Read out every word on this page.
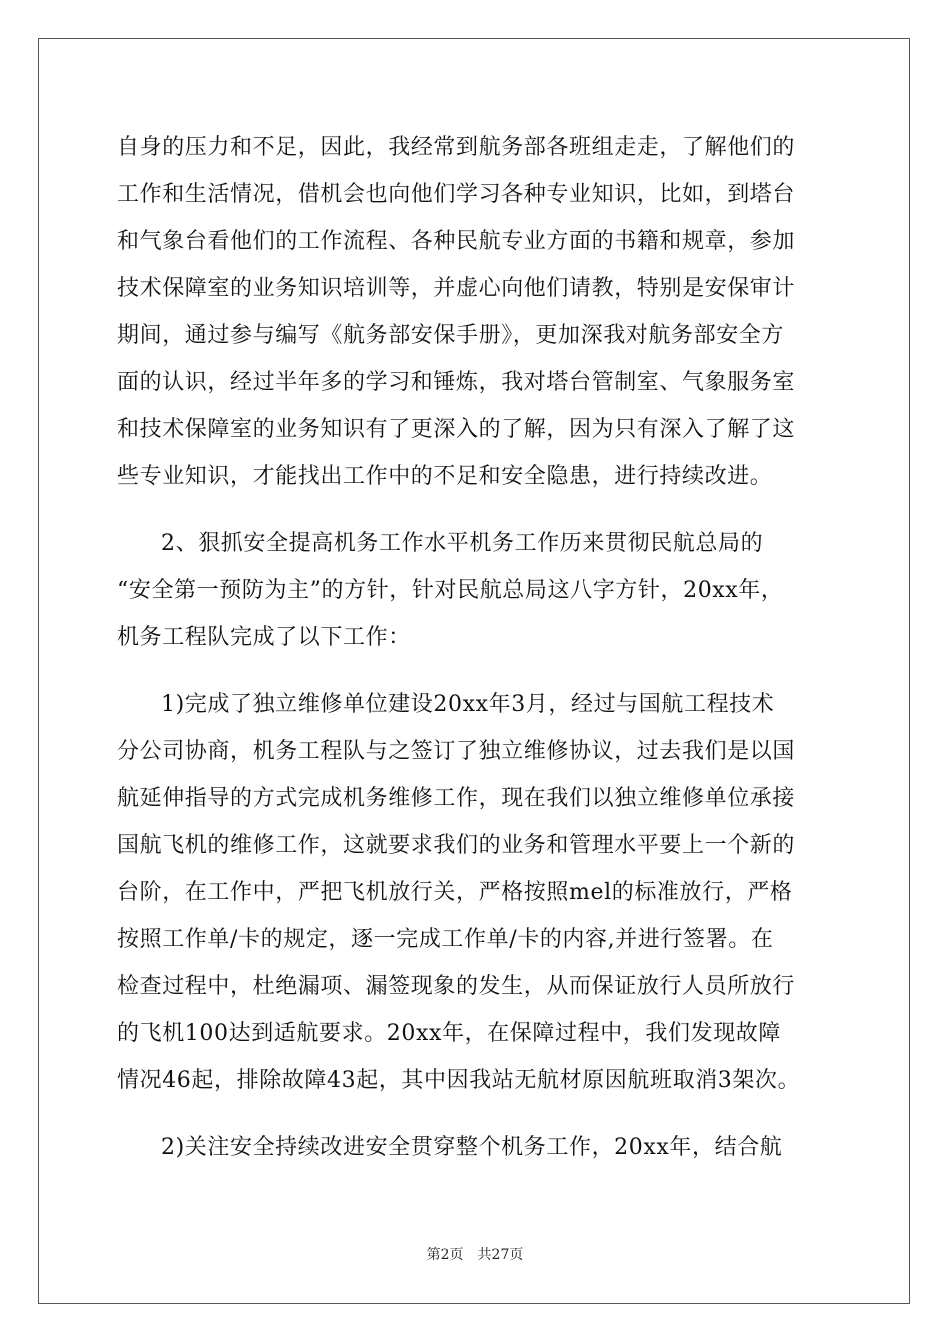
自身的压力和不足，因此，我经常到航务部各班组走走，了解他们的
工作和生活情况，借机会也向他们学习各种专业知识，比如，到塔台
和气象台看他们的工作流程、各种民航专业方面的书籍和规章，参加
技术保障室的业务知识培训等，并虚心向他们请教，特别是安保审计
期间，通过参与编写《航务部安保手册》，更加深我对航务部安全方
面的认识，经过半年多的学习和锤炼，我对塔台管制室、气象服务室
和技术保障室的业务知识有了更深入的了解，因为只有深入了解了这
些专业知识，才能找出工作中的不足和安全隐患，进行持续改进。
2、狠抓安全提高机务工作水平机务工作历来贯彻民航总局的
“安全第一预防为主”的方针，针对民航总局这八字方针，20xx年，
机务工程队完成了以下工作：
1)完成了独立维修单位建设20xx年3月，经过与国航工程技术
分公司协商，机务工程队与之签订了独立维修协议，过去我们是以国
航延伸指导的方式完成机务维修工作，现在我们以独立维修单位承接
国航飞机的维修工作，这就要求我们的业务和管理水平要上一个新的
台阶，在工作中，严把飞机放行关，严格按照mel的标准放行，严格
按照工作单/卡的规定，逐一完成工作单/卡的内容,并进行签署。在
检查过程中，杜绝漏项、漏签现象的发生，从而保证放行人员所放行
的飞机100达到适航要求。20xx年，在保障过程中，我们发现故障
情况46起，排除故障43起，其中因我站无航材原因航班取消3架次。
2)关注安全持续改进安全贯穿整个机务工作，20xx年，结合航
第2页 共27页
